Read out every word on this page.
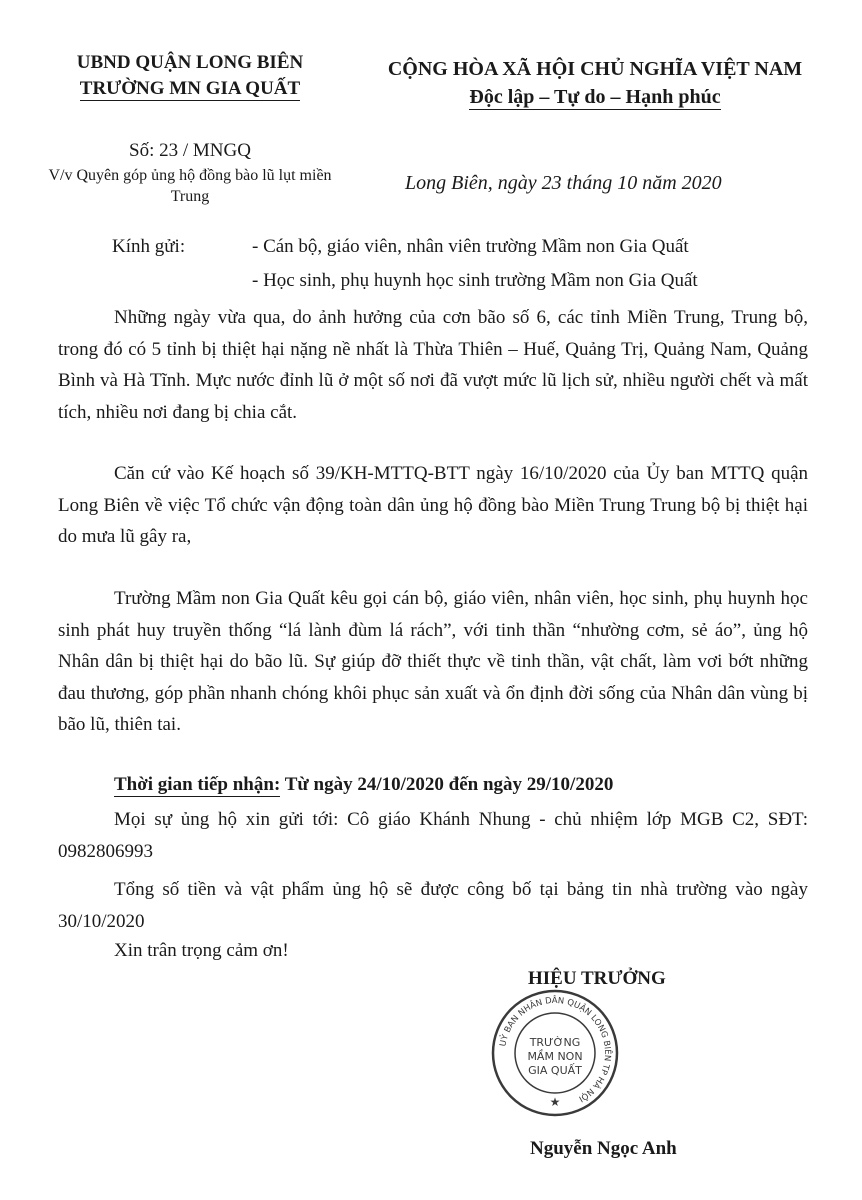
UBND QUẬN LONG BIÊN
TRƯỜNG MN GIA QUẤT
CỘNG HÒA XÃ HỘI CHỦ NGHĨA VIỆT NAM
Độc lập – Tự do – Hạnh phúc
Số: 23 / MNGQ
V/v Quyên góp ủng hộ đồng bào lũ lụt miền Trung
Long Biên, ngày 23 tháng 10 năm 2020
Kính gửi:	- Cán bộ, giáo viên, nhân viên trường Mầm non Gia Quất
- Học sinh, phụ huynh học sinh trường Mầm non Gia Quất
Những ngày vừa qua, do ảnh hưởng của cơn bão số 6, các tỉnh Miền Trung, Trung bộ, trong đó có 5 tỉnh bị thiệt hại nặng nề nhất là Thừa Thiên – Huế, Quảng Trị, Quảng Nam, Quảng Bình và Hà Tĩnh. Mực nước đỉnh lũ ở một số nơi đã vượt mức lũ lịch sử, nhiều người chết và mất tích, nhiều nơi đang bị chia cắt.
Căn cứ vào Kế hoạch số 39/KH-MTTQ-BTT ngày 16/10/2020 của Ủy ban MTTQ quận Long Biên về việc Tổ chức vận động toàn dân ủng hộ đồng bào Miền Trung Trung bộ bị thiệt hại do mưa lũ gây ra,
Trường Mầm non Gia Quất kêu gọi cán bộ, giáo viên, nhân viên, học sinh, phụ huynh học sinh phát huy truyền thống “lá lành đùm lá rách”, với tinh thần “nhường cơm, sẻ áo”, ủng hộ Nhân dân bị thiệt hại do bão lũ. Sự giúp đỡ thiết thực về tinh thần, vật chất, làm vơi bớt những đau thương, góp phần nhanh chóng khôi phục sản xuất và ổn định đời sống của Nhân dân vùng bị bão lũ, thiên tai.
Thời gian tiếp nhận: Từ ngày 24/10/2020 đến ngày 29/10/2020
Mọi sự ủng hộ xin gửi tới: Cô giáo Khánh Nhung - chủ nhiệm lớp MGB C2, SĐT: 0982806993
Tổng số tiền và vật phẩm ủng hộ sẽ được công bố tại bảng tin nhà trường vào ngày 30/10/2020
Xin trân trọng cảm ơn!
HIỆU TRƯỞNG
UỶ BAN NHÂN DÂN QUẬN LONG BIÊN TP HÀ NỘI
TRƯỜNG
MẦM NON
GIA QUẤT
★
Nguyễn Ngọc Anh
